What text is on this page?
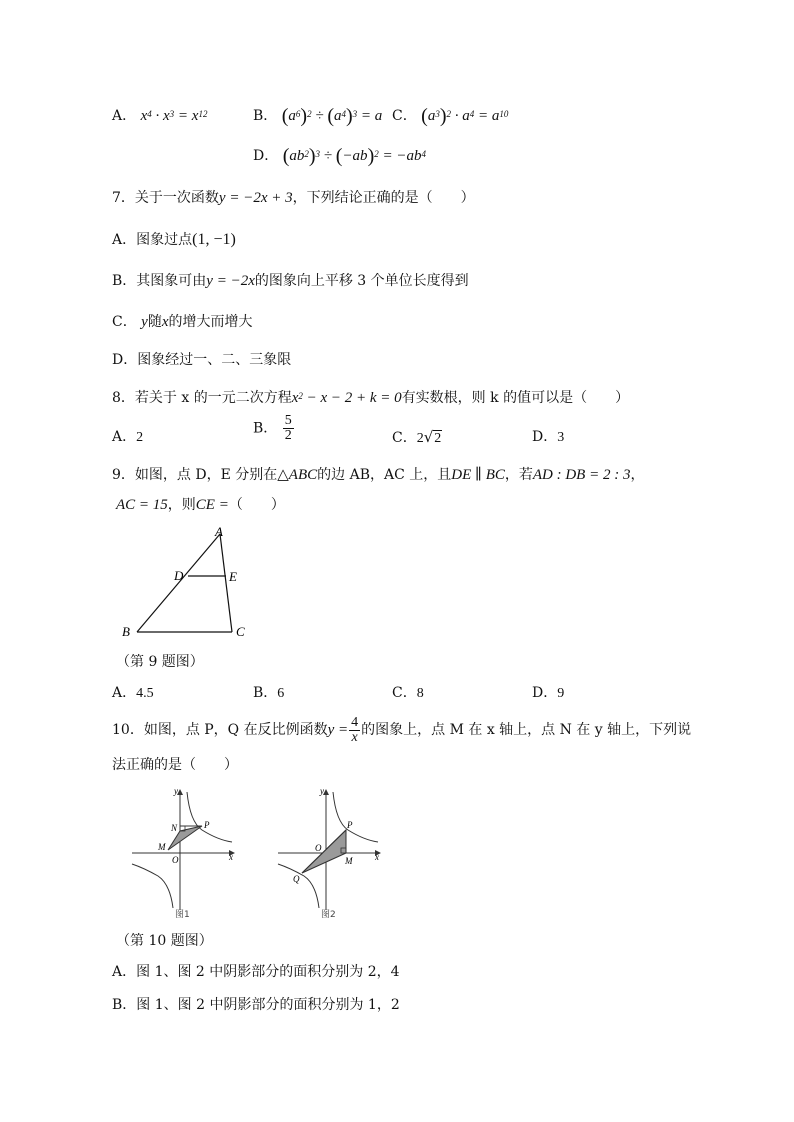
A． $x^4 \cdot x^3 = x^{12}$	B． $(a^6)^2 \div (a^4)^3 = a$ C． $(a^3)^2 \cdot a^4 = a^{10}$
D． $(ab^2)^3 \div (-ab)^2 = -ab^4$
7．关于一次函数y = −2x + 3，下列结论正确的是（　　）
A．图象过点(1, −1)
B．其图象可由y = −2x的图象向上平移 3 个单位长度得到
C． y随x的增大而增大
D．图象经过一、二、三象限
8．若关于 x 的一元二次方程$x^2 - x - 2 + k = 0$有实数根，则 k 的值可以是（　　）
A．2
B． $\frac{5}{2}$	C．2√2	D．3
9．如图，点 D，E 分别在△ABC的边 AB，AC 上，且DE ∥ BC，若AD : DB = 2 : 3，
AC = 15，则CE =（　　）
A
D	E
B	C
（第 9 题图）
A．4.5	B．6	C．8	D．9
10．如图，点 P，Q 在反比例函数$y = \frac{4}{x}$ 的图象上，点 M 在 x 轴上，点 N 在 y 轴上，下列说
法正确的是（　　）
y
x
N	P
M
O
图1
y
x
P
O
M
Q
图2
（第 10 题图）
A．图 1、图 2 中阴影部分的面积分别为 2，4
B．图 1、图 2 中阴影部分的面积分别为 1，2
